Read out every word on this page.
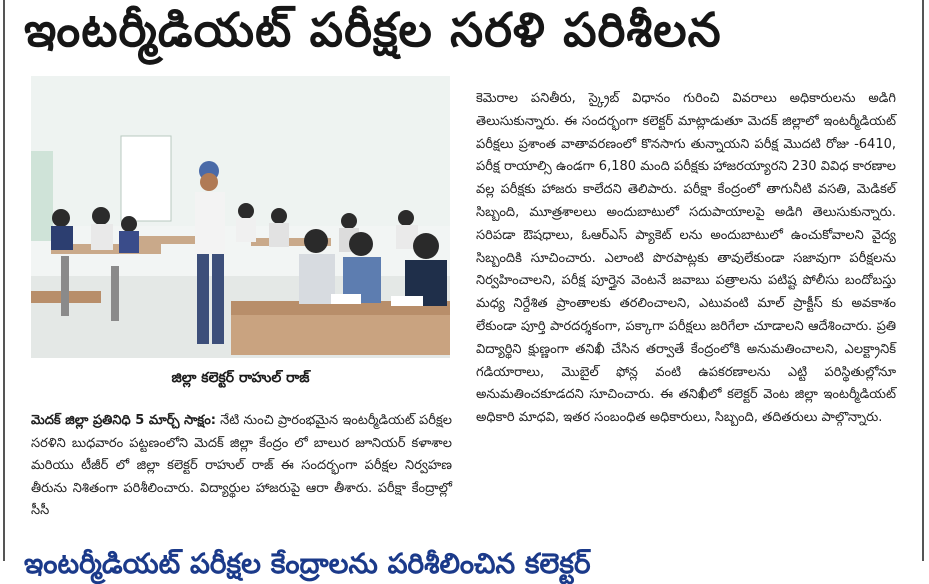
ఇంటర్మీడియట్ పరీక్షల సరళి పరిశీలన
జిల్లా కలెక్టర్ రాహుల్ రాజ్
మెదక్ జిల్లా ప్రతినిధి 5 మార్చ్ సాక్షం: నేటి నుంచి ప్రారంభమైన ఇంటర్మీడియట్ పరీక్షల సరళిని బుధవారం పట్టణంలోని మెదక్ జిల్లా కేంద్రం లో బాలుర జూనియర్ కళాశాల మరియు టీజీర్ లో జిల్లా కలెక్టర్ రాహుల్ రాజ్ ఈ సందర్భంగా పరీక్షల నిర్వహణ తీరును నిశితంగా పరిశీలించారు. విద్యార్థుల హాజరుపై ఆరా తీశారు. పరీక్షా కేంద్రాల్లో సీసీ
కెమెరాల పనితీరు, స్క్రైబ్ విధానం గురించి వివరాలు అధికారులను అడిగి తెలుసుకున్నారు. ఈ సందర్భంగా కలెక్టర్ మాట్లాడుతూ మెదక్ జిల్లాలో ఇంటర్మీడియట్ పరీక్షలు ప్రశాంత వాతావరణంలో కొనసాగు తున్నాయని పరీక్ష మొదటి రోజు -6410, పరీక్ష రాయాల్సి ఉండగా 6,180 మంది పరీక్షకు హాజరయ్యారని 230 వివిధ కారణాల వల్ల పరీక్షకు హాజరు కాలేదని తెలిపారు. పరీక్షా కేంద్రంలో తాగునీటి వసతి, మెడికల్ సిబ్బంది, మూత్రశాలలు అందుబాటులో సదుపాయాలపై అడిగి తెలుసుకున్నారు. సరిపడా ఔషధాలు, ఓఆర్ఎస్ ప్యాకెట్ లను అందుబాటులో ఉంచుకోవాలని వైద్య సిబ్బందికి సూచించారు. ఎలాంటి పొరపాట్లకు తావులేకుండా సజావుగా పరీక్షలను నిర్వహించాలని, పరీక్ష పూర్తైన వెంటనే జవాబు పత్రాలను పటిష్ట పోలీసు బందోబస్తు మధ్య నిర్దేశిత ప్రాంతాలకు తరలించాలని, ఎటువంటి మాల్ ప్రాక్టీస్ కు అవకాశం లేకుండా పూర్తి పారదర్శకంగా, పక్కాగా పరీక్షలు జరిగేలా చూడాలని ఆదేశించారు. ప్రతి విద్యార్థిని క్షుణ్ణంగా తనిఖీ చేసిన తర్వాతే కేంద్రంలోకి అనుమతించాలని, ఎలక్ట్రానిక్ గడియారాలు, మొబైల్ ఫోన్ల వంటి ఉపకరణాలను ఎట్టి పరిస్థితుల్లోనూ అనుమతించకూడదని సూచించారు. ఈ తనిఖీలో కలెక్టర్ వెంట జిల్లా ఇంటర్మీడియట్ అధికారి మాధవి, ఇతర సంబంధిత అధికారులు, సిబ్బంది, తదితరులు పాల్గొన్నారు.
ఇంటర్మీడియట్ పరీక్షల కేంద్రాలను పరిశీలించిన కలెక్టర్
